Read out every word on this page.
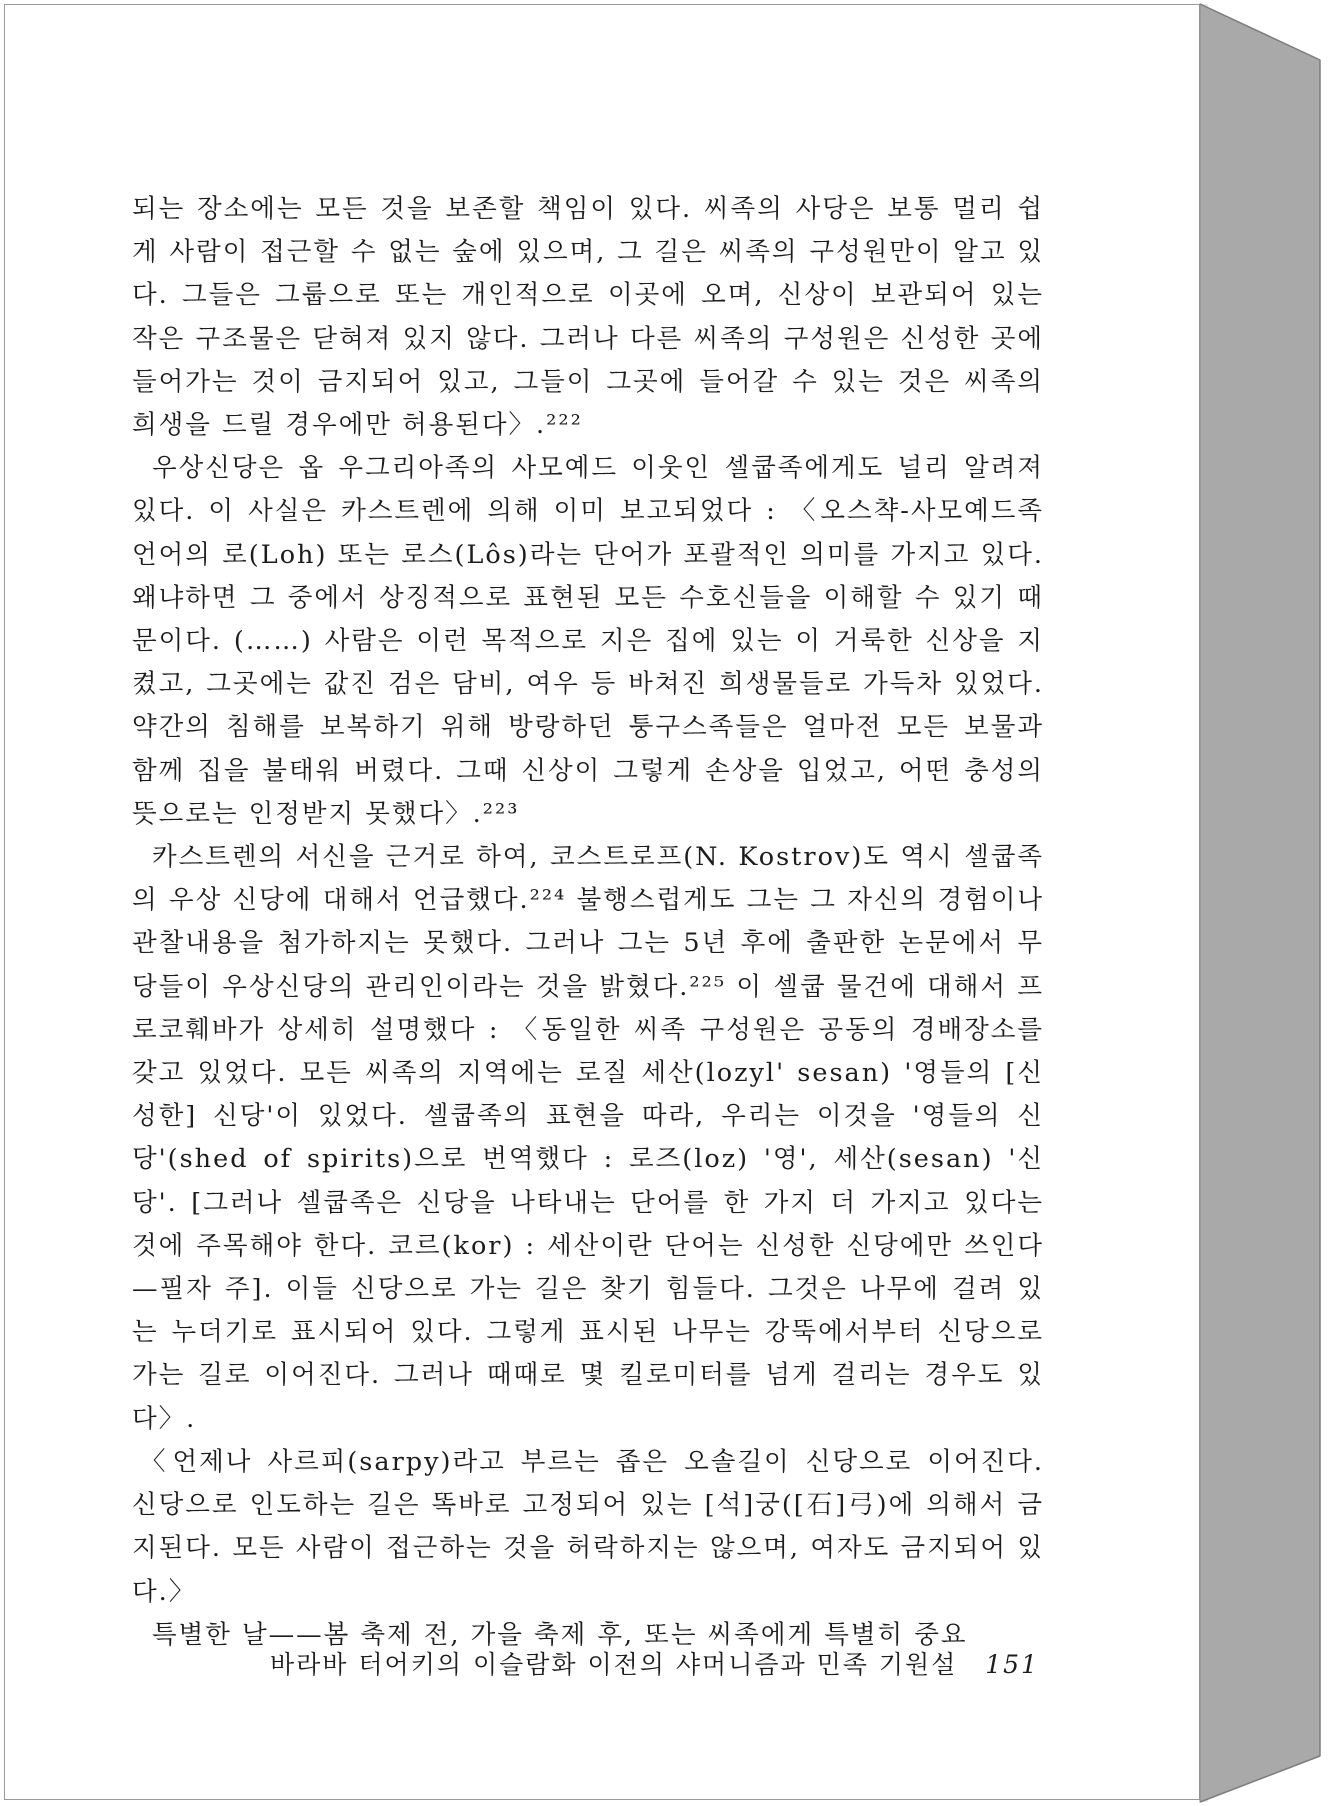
되는 장소에는 모든 것을 보존할 책임이 있다. 씨족의 사당은 보통 멀리 쉽게 사람이 접근할 수 없는 숲에 있으며, 그 길은 씨족의 구성원만이 알고 있다. 그들은 그룹으로 또는 개인적으로 이곳에 오며, 신상이 보관되어 있는 작은 구조물은 닫혀져 있지 않다. 그러나 다른 씨족의 구성원은 신성한 곳에 들어가는 것이 금지되어 있고, 그들이 그곳에 들어갈 수 있는 것은 씨족의 희생을 드릴 경우에만 허용된다〉.²²²

우상신당은 옵 우그리아족의 사모예드 이웃인 셀쿱족에게도 널리 알려져 있다. 이 사실은 카스트렌에 의해 이미 보고되었다 : 〈오스챡-사모예드족 언어의 로(Loh) 또는 로스(Lôs)라는 단어가 포괄적인 의미를 가지고 있다. 왜냐하면 그 중에서 상징적으로 표현된 모든 수호신들을 이해할 수 있기 때문이다. (……) 사람은 이런 목적으로 지은 집에 있는 이 거룩한 신상을 지켰고, 그곳에는 값진 검은 담비, 여우 등 바쳐진 희생물들로 가득차 있었다. 약간의 침해를 보복하기 위해 방랑하던 퉁구스족들은 얼마전 모든 보물과 함께 집을 불태워 버렸다. 그때 신상이 그렇게 손상을 입었고, 어떤 충성의 뜻으로는 인정받지 못했다〉.²²³

카스트렌의 서신을 근거로 하여, 코스트로프(N. Kostrov)도 역시 셀쿱족의 우상 신당에 대해서 언급했다.²²⁴ 불행스럽게도 그는 그 자신의 경험이나 관찰내용을 첨가하지는 못했다. 그러나 그는 5년 후에 출판한 논문에서 무당들이 우상신당의 관리인이라는 것을 밝혔다.²²⁵ 이 셀쿱 물건에 대해서 프로코훼바가 상세히 설명했다 : 〈동일한 씨족 구성원은 공동의 경배장소를 갖고 있었다. 모든 씨족의 지역에는 로질 세산(lozyl' sesan) '영들의 [신성한] 신당'이 있었다. 셀쿱족의 표현을 따라, 우리는 이것을 '영들의 신당'(shed of spirits)으로 번역했다 : 로즈(loz) '영', 세산(sesan) '신당'. [그러나 셀쿱족은 신당을 나타내는 단어를 한 가지 더 가지고 있다는 것에 주목해야 한다. 코르(kor) : 세산이란 단어는 신성한 신당에만 쓰인다—필자 주]. 이들 신당으로 가는 길은 찾기 힘들다. 그것은 나무에 걸려 있는 누더기로 표시되어 있다. 그렇게 표시된 나무는 강뚝에서부터 신당으로 가는 길로 이어진다. 그러나 때때로 몇 킬로미터를 넘게 걸리는 경우도 있다〉.

〈언제나 사르피(sarpy)라고 부르는 좁은 오솔길이 신당으로 이어진다. 신당으로 인도하는 길은 똑바로 고정되어 있는 [석]궁([石]弓)에 의해서 금지된다. 모든 사람이 접근하는 것을 허락하지는 않으며, 여자도 금지되어 있다.〉

특별한 날——봄 축제 전, 가을 축제 후, 또는 씨족에게 특별히 중요

바라바 터어키의 이슬람화 이전의 샤머니즘과 민족 기원설 151
